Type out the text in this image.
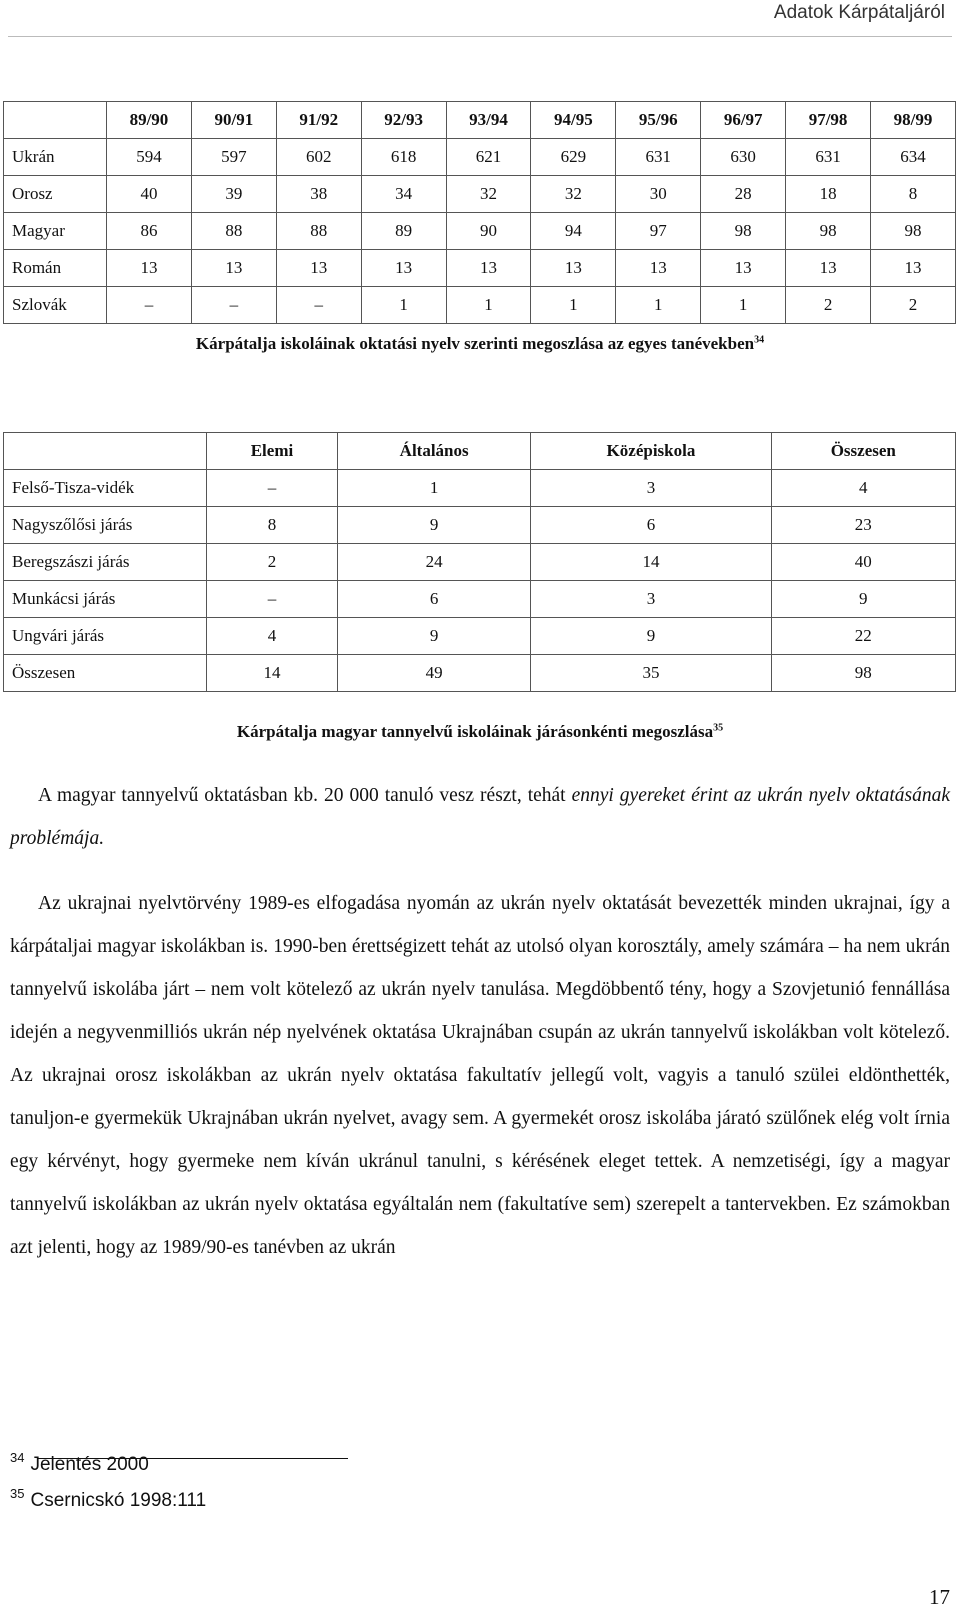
Adatok Kárpátaljáról
	89/90	90/91	91/92	92/93	93/94	94/95	95/96	96/97	97/98	98/99
Ukrán	594	597	602	618	621	629	631	630	631	634
Orosz	40	39	38	34	32	32	30	28	18	8
Magyar	86	88	88	89	90	94	97	98	98	98
Román	13	13	13	13	13	13	13	13	13	13
Szlovák	–	–	–	1	1	1	1	1	2	2
Kárpátalja iskoláinak oktatási nyelv szerinti megoszlása az egyes tanévekben$^{34}$
	Elemi	Általános	Középiskola	Összesen
Felső-Tisza-vidék	–	1	3	4
Nagyszőlősi járás	8	9	6	23
Beregszászi járás	2	24	14	40
Munkácsi járás	–	6	3	9
Ungvári járás	4	9	9	22
Összesen	14	49	35	98
Kárpátalja magyar tannyelvű iskoláinak járásonkénti megoszlása$^{35}$
A magyar tannyelvű oktatásban kb. 20 000 tanuló vesz részt, tehát ennyi gyereket érint az ukrán nyelv oktatásának problémája.
Az ukrajnai nyelvtörvény 1989-es elfogadása nyomán az ukrán nyelv oktatását bevezették minden ukrajnai, így a kárpátaljai magyar iskolákban is. 1990-ben érettségizett tehát az utolsó olyan korosztály, amely számára – ha nem ukrán tannyelvű iskolába járt – nem volt kötelező az ukrán nyelv tanulása. Megdöbbentő tény, hogy a Szovjetunió fennállása idején a negyvenmilliós ukrán nép nyelvének oktatása Ukrajnában csupán az ukrán tannyelvű iskolákban volt kötelező. Az ukrajnai orosz iskolákban az ukrán nyelv oktatása fakultatív jellegű volt, vagyis a tanuló szülei eldönthették, tanuljon-e gyermekük Ukrajnában ukrán nyelvet, avagy sem. A gyermekét orosz iskolába járató szülőnek elég volt írnia egy kérvényt, hogy gyermeke nem kíván ukránul tanulni, s kérésének eleget tettek. A nemzetiségi, így a magyar tannyelvű iskolákban az ukrán nyelv oktatása egyáltalán nem (fakultatíve sem) szerepelt a tantervekben. Ez számokban azt jelenti, hogy az 1989/90-es tanévben az ukrán
$^{34}$ Jelentés 2000
$^{35}$ Csernicskó 1998:111
17
